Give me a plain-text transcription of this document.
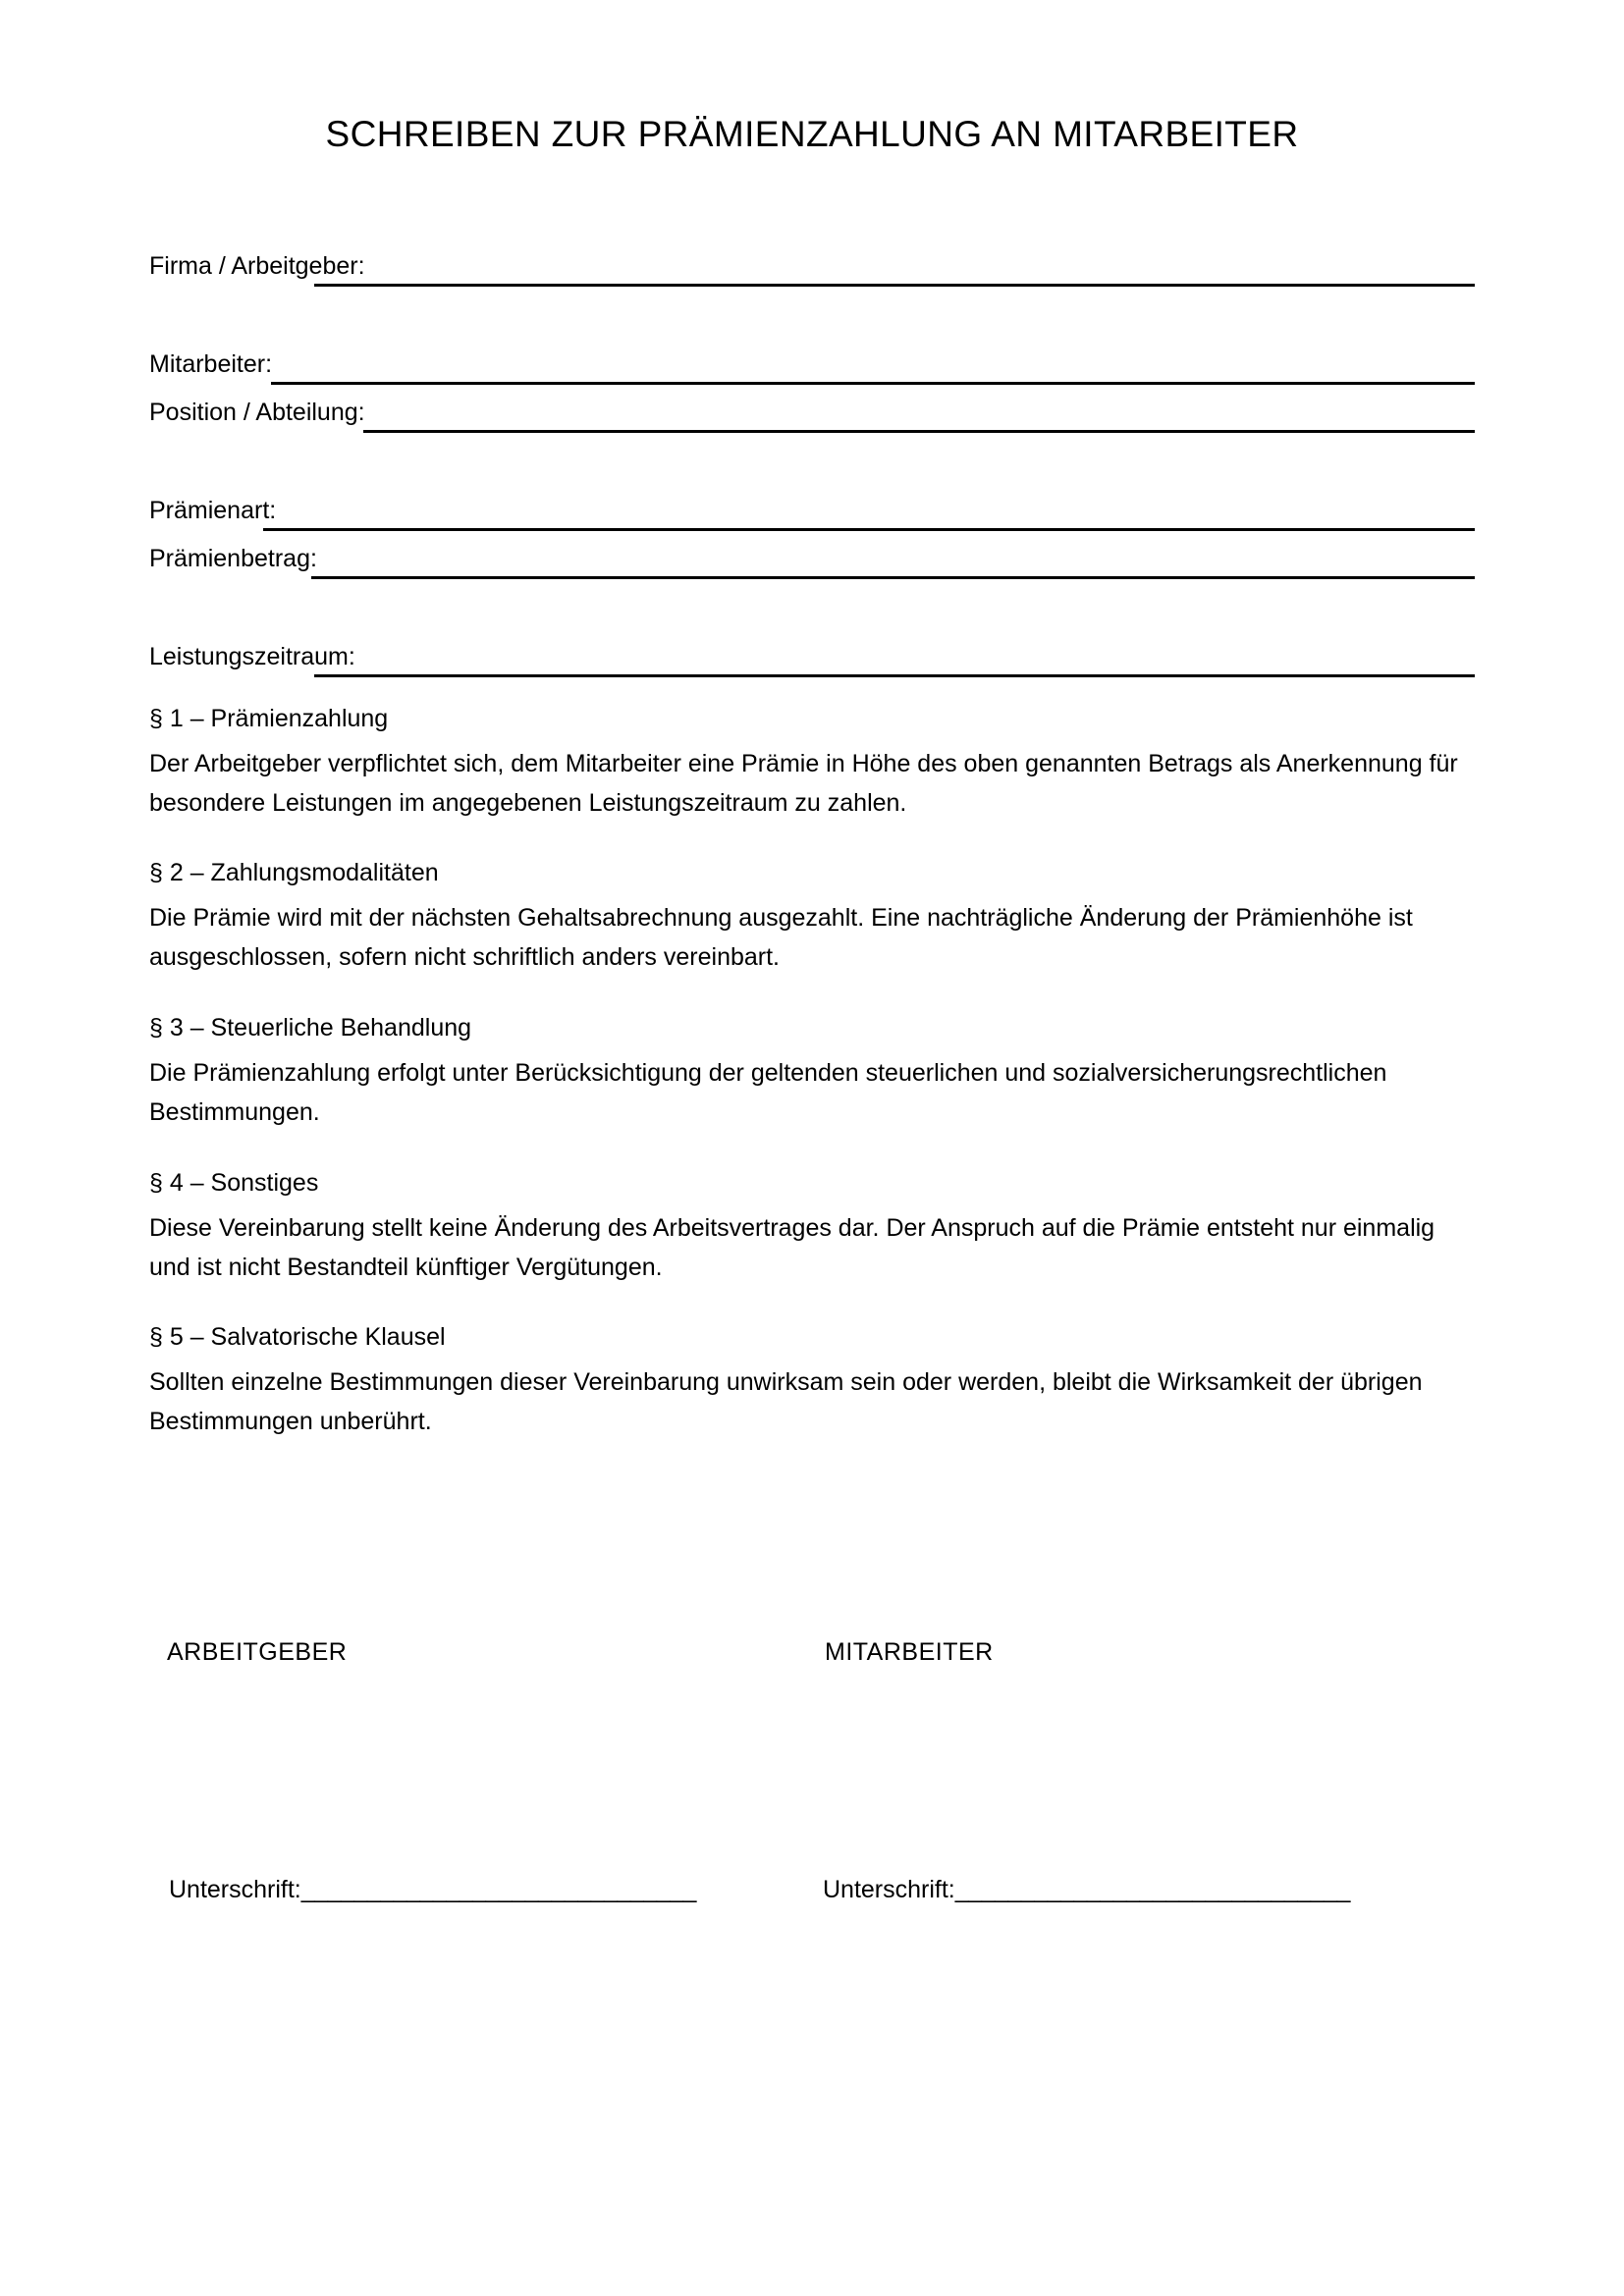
SCHREIBEN ZUR PRÄMIENZAHLUNG AN MITARBEITER
Firma / Arbeitgeber:
Mitarbeiter:
Position / Abteilung:
Prämienart:
Prämienbetrag:
Leistungszeitraum:

§ 1 – Prämienzahlung

Der Arbeitgeber verpflichtet sich, dem Mitarbeiter eine Prämie in Höhe des oben genannten Betrags als Anerkennung für besondere Leistungen im angegebenen Leistungszeitraum zu zahlen.

§ 2 – Zahlungsmodalitäten

Die Prämie wird mit der nächsten Gehaltsabrechnung ausgezahlt. Eine nachträgliche Änderung der Prämienhöhe ist ausgeschlossen, sofern nicht schriftlich anders vereinbart.

§ 3 – Steuerliche Behandlung

Die Prämienzahlung erfolgt unter Berücksichtigung der geltenden steuerlichen und sozialversicherungsrechtlichen Bestimmungen.

§ 4 – Sonstiges

Diese Vereinbarung stellt keine Änderung des Arbeitsvertrages dar. Der Anspruch auf die Prämie entsteht nur einmalig und ist nicht Bestandteil künftiger Vergütungen.

§ 5 – Salvatorische Klausel

Sollten einzelne Bestimmungen dieser Vereinbarung unwirksam sein oder werden, bleibt die Wirksamkeit der übrigen Bestimmungen unberührt.

ARBEITGEBER	MITARBEITER
Unterschrift:______________________________	Unterschrift:______________________________
